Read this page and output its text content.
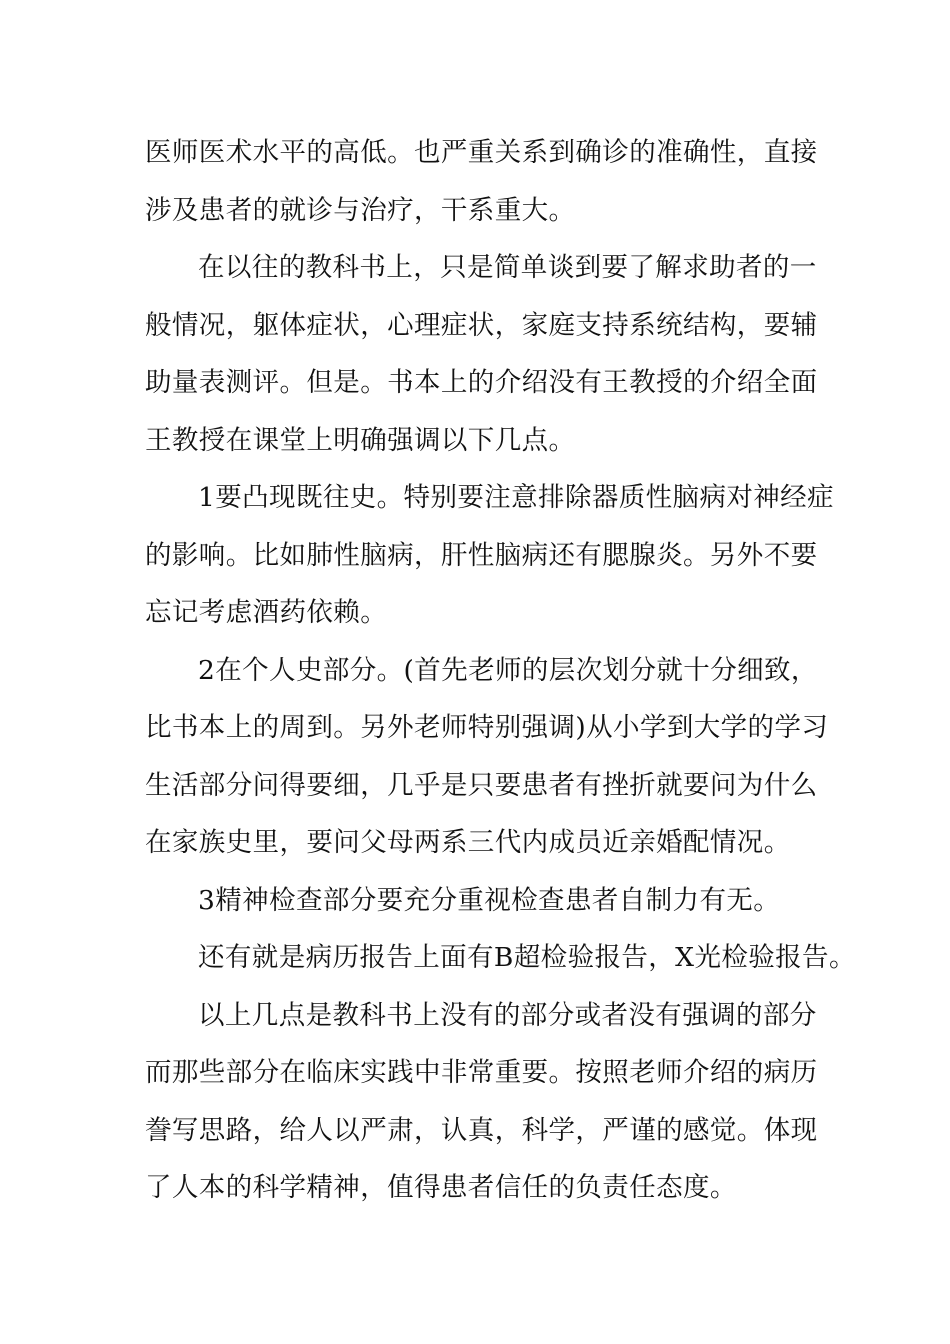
医师医术水平的高低。也严重关系到确诊的准确性，直接
涉及患者的就诊与治疗，干系重大。
在以往的教科书上，只是简单谈到要了解求助者的一
般情况，躯体症状，心理症状，家庭支持系统结构，要辅
助量表测评。但是。书本上的介绍没有王教授的介绍全面
王教授在课堂上明确强调以下几点。
1要凸现既往史。特别要注意排除器质性脑病对神经症
的影响。比如肺性脑病，肝性脑病还有腮腺炎。另外不要
忘记考虑酒药依赖。
2在个人史部分。(首先老师的层次划分就十分细致，
比书本上的周到。另外老师特别强调)从小学到大学的学习
生活部分问得要细，几乎是只要患者有挫折就要问为什么
在家族史里，要问父母两系三代内成员近亲婚配情况。
3精神检查部分要充分重视检查患者自制力有无。
还有就是病历报告上面有B超检验报告，X光检验报告。
以上几点是教科书上没有的部分或者没有强调的部分
而那些部分在临床实践中非常重要。按照老师介绍的病历
誊写思路，给人以严肃，认真，科学，严谨的感觉。体现
了人本的科学精神，值得患者信任的负责任态度。
